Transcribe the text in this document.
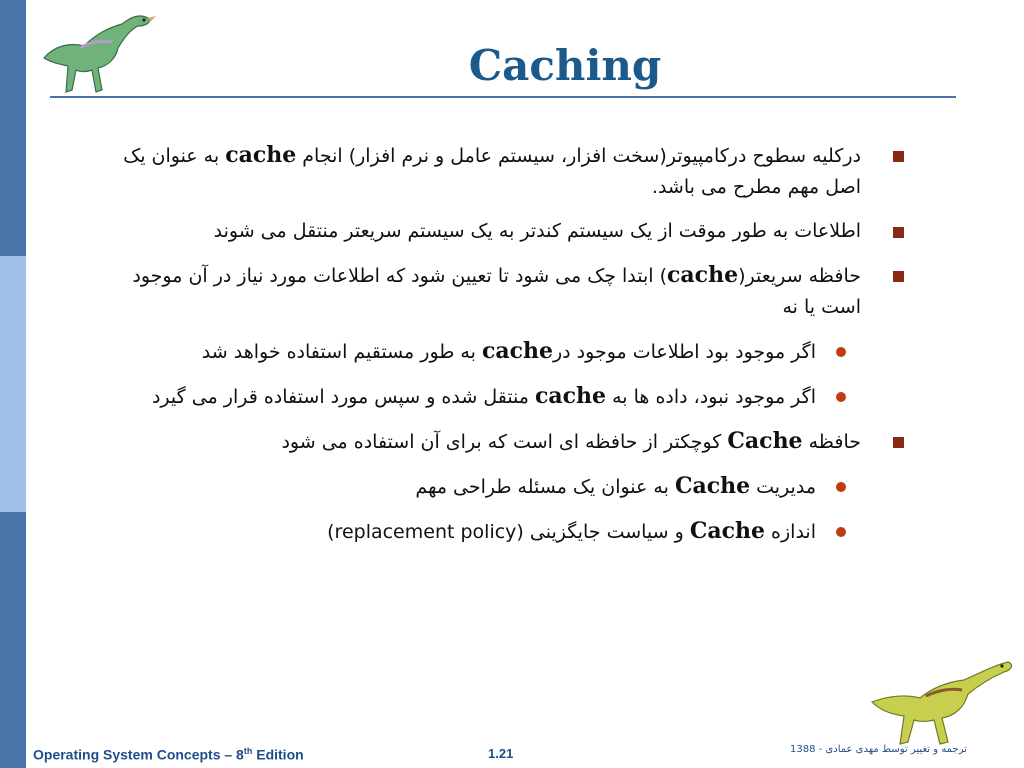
Caching
درکلیه سطوح درکامپیوتر(سخت افزار، سیستم عامل و نرم افزار) انجام cache به عنوان یک اصل مهم مطرح می باشد.
اطلاعات به طور موقت از یک سیستم کندتر به یک سیستم سریعتر منتقل می شوند
حافظه سریعتر(cache) ابتدا چک می شود تا تعیین شود که اطلاعات مورد نیاز در آن موجود است یا نه
اگر موجود بود اطلاعات موجود درcache به طور مستقیم استفاده خواهد شد
اگر موجود نبود، داده ها به cache منتقل شده و سپس مورد استفاده قرار می گیرد
حافظه Cache کوچکتر از حافظه ای است که برای آن استفاده می شود
مدیریت Cache به عنوان یک مسئله طراحی مهم
اندازه Cache و سیاست جایگزینی (replacement policy)
Operating System Concepts – 8th Edition	1.21	ترجمه و تغییر توسط مهدی عمادی - 1388
